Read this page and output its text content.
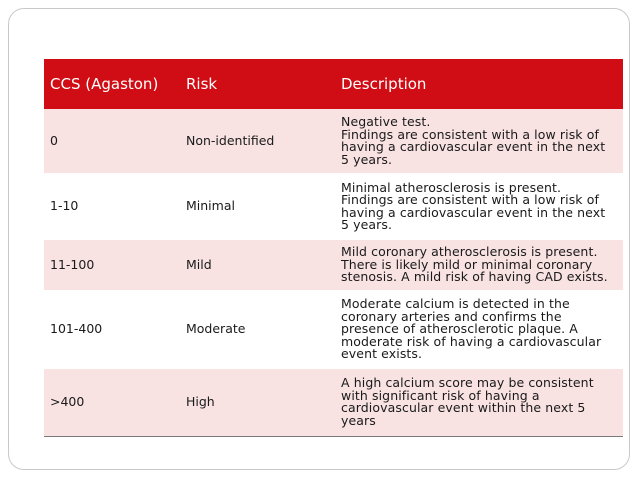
CCS (Agaston)	Risk	Description
0	Non-identified	Negative test.
Findings are consistent with a low risk of
having a cardiovascular event in the next
5 years.
1-10	Minimal	Minimal atherosclerosis is present.
Findings are consistent with a low risk of
having a cardiovascular event in the next
5 years.
11-100	Mild	Mild coronary atherosclerosis is present.
There is likely mild or minimal coronary
stenosis. A mild risk of having CAD exists.
101-400	Moderate	Moderate calcium is detected in the
coronary arteries and confirms the
presence of atherosclerotic plaque. A
moderate risk of having a cardiovascular
event exists.
>400	High	A high calcium score may be consistent
with significant risk of having a
cardiovascular event within the next 5
years
